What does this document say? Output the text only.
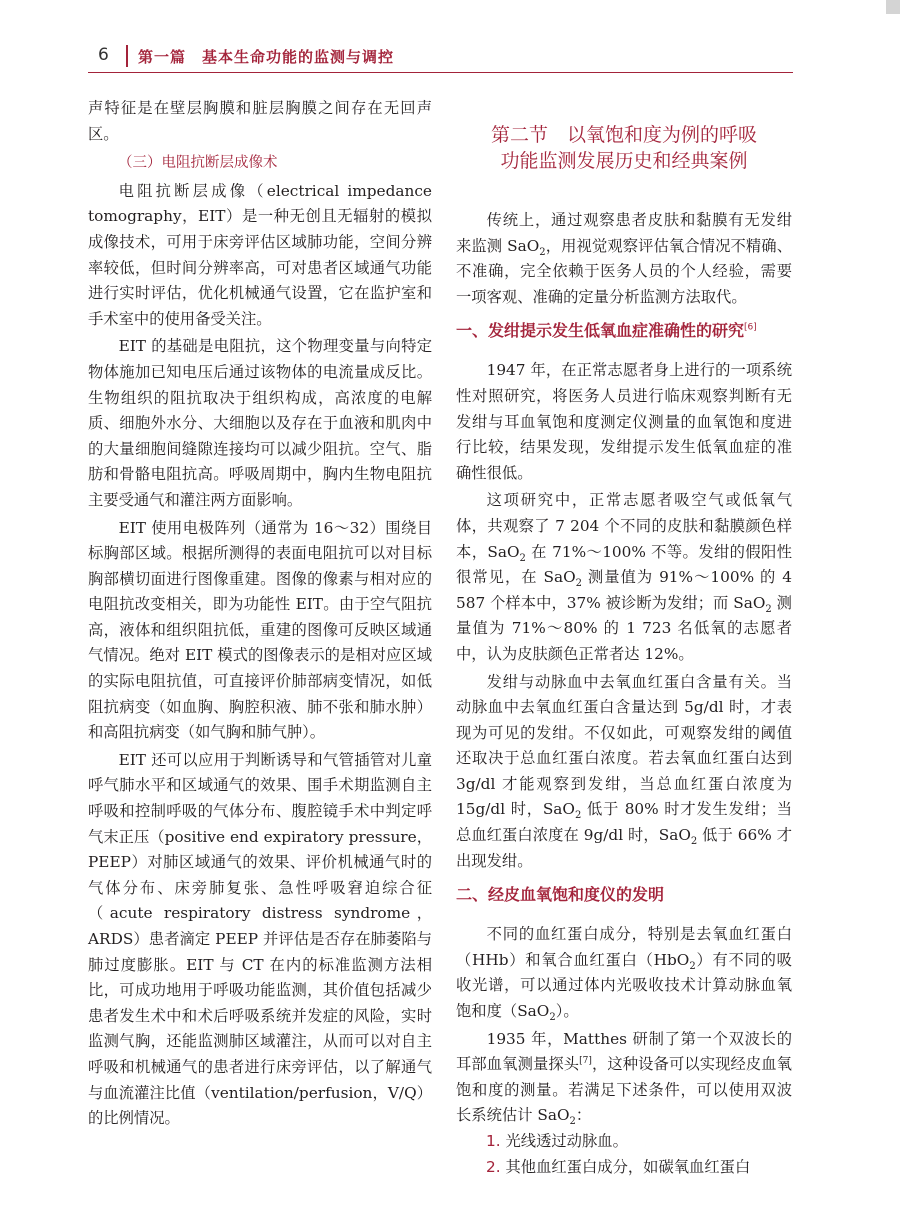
6 第一篇　基本生命功能的监测与调控

声特征是在壁层胸膜和脏层胸膜之间存在无回声区。

（三）电阻抗断层成像术

电阻抗断层成像（electrical impedance tomography，EIT）是一种无创且无辐射的模拟成像技术，可用于床旁评估区域肺功能，空间分辨率较低，但时间分辨率高，可对患者区域通气功能进行实时评估，优化机械通气设置，它在监护室和手术室中的使用备受关注。

EIT 的基础是电阻抗，这个物理变量与向特定物体施加已知电压后通过该物体的电流量成反比。生物组织的阻抗取决于组织构成，高浓度的电解质、细胞外水分、大细胞以及存在于血液和肌肉中的大量细胞间缝隙连接均可以减少阻抗。空气、脂肪和骨骼电阻抗高。呼吸周期中，胸内生物电阻抗主要受通气和灌注两方面影响。

EIT 使用电极阵列（通常为 16～32）围绕目标胸部区域。根据所测得的表面电阻抗可以对目标胸部横切面进行图像重建。图像的像素与相对应的电阻抗改变相关，即为功能性 EIT。由于空气阻抗高，液体和组织阻抗低，重建的图像可反映区域通气情况。绝对 EIT 模式的图像表示的是相对应区域的实际电阻抗值，可直接评价肺部病变情况，如低阻抗病变（如血胸、胸腔积液、肺不张和肺水肿）和高阻抗病变（如气胸和肺气肿）。

EIT 还可以应用于判断诱导和气管插管对儿童呼气肺水平和区域通气的效果、围手术期监测自主呼吸和控制呼吸的气体分布、腹腔镜手术中判定呼气末正压（positive end expiratory pressure，PEEP）对肺区域通气的效果、评价机械通气时的气体分布、床旁肺复张、急性呼吸窘迫综合征（acute respiratory distress syndrome，ARDS）患者滴定 PEEP 并评估是否存在肺萎陷与肺过度膨胀。EIT 与 CT 在内的标准监测方法相比，可成功地用于呼吸功能监测，其价值包括减少患者发生术中和术后呼吸系统并发症的风险，实时监测气胸，还能监测肺区域灌注，从而可以对自主呼吸和机械通气的患者进行床旁评估，以了解通气与血流灌注比值（ventilation/perfusion，V/Q）的比例情况。

第二节　以氧饱和度为例的呼吸
功能监测发展历史和经典案例

传统上，通过观察患者皮肤和黏膜有无发绀来监测 SaO$_2$，用视觉观察评估氧合情况不精确、不准确，完全依赖于医务人员的个人经验，需要一项客观、准确的定量分析监测方法取代。

一、发绀提示发生低氧血症准确性的研究[6]

1947 年，在正常志愿者身上进行的一项系统性对照研究，将医务人员进行临床观察判断有无发绀与耳血氧饱和度测定仪测量的血氧饱和度进行比较，结果发现，发绀提示发生低氧血症的准确性很低。

这项研究中，正常志愿者吸空气或低氧气体，共观察了 7 204 个不同的皮肤和黏膜颜色样本，SaO$_2$ 在 71%～100% 不等。发绀的假阳性很常见，在 SaO$_2$ 测量值为 91%～100% 的 4 587 个样本中，37% 被诊断为发绀；而 SaO$_2$ 测量值为 71%～80% 的 1 723 名低氧的志愿者中，认为皮肤颜色正常者达 12%。

发绀与动脉血中去氧血红蛋白含量有关。当动脉血中去氧血红蛋白含量达到 5g/dl 时，才表现为可见的发绀。不仅如此，可观察发绀的阈值还取决于总血红蛋白浓度。若去氧血红蛋白达到 3g/dl 才能观察到发绀，当总血红蛋白浓度为 15g/dl 时，SaO$_2$ 低于 80% 时才发生发绀；当总血红蛋白浓度在 9g/dl 时，SaO$_2$ 低于 66% 才出现发绀。

二、经皮血氧饱和度仪的发明

不同的血红蛋白成分，特别是去氧血红蛋白（HHb）和氧合血红蛋白（HbO$_2$）有不同的吸收光谱，可以通过体内光吸收技术计算动脉血氧饱和度（SaO$_2$）。

1935 年，Matthes 研制了第一个双波长的耳部血氧测量探头[7]，这种设备可以实现经皮血氧饱和度的测量。若满足下述条件，可以使用双波长系统估计 SaO$_2$：

1. 光线透过动脉血。

2. 其他血红蛋白成分，如碳氧血红蛋白
